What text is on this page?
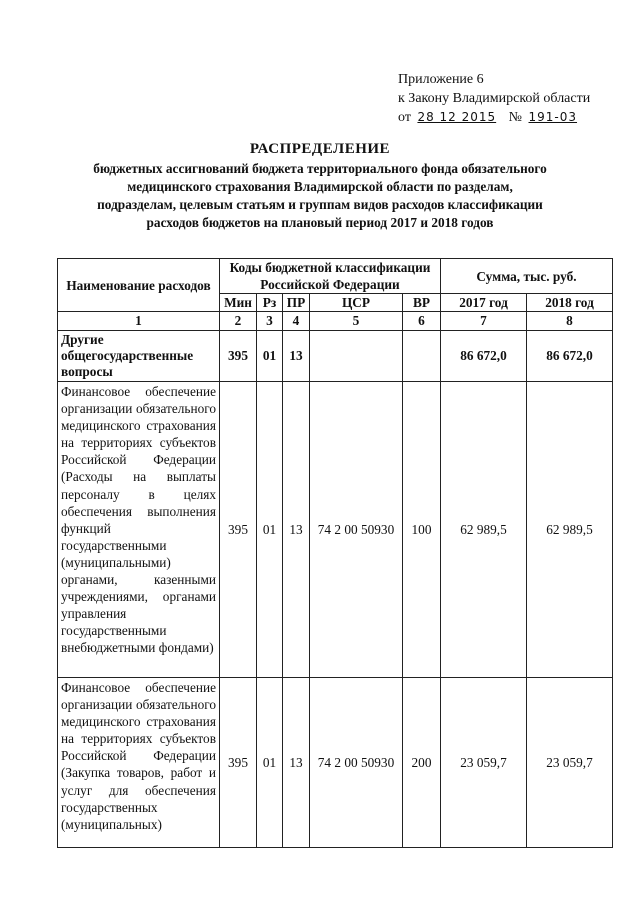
Приложение 6
к Закону Владимирской области
от 28 12 2015 № 191-03
РАСПРЕДЕЛЕНИЕ
бюджетных ассигнований бюджета территориального фонда обязательного
медицинского страхования Владимирской области по разделам,
подразделам, целевым статьям и группам видов расходов классификации
расходов бюджетов на плановый период 2017 и 2018 годов
Наименование расходов	Коды бюджетной классификации Российской Федерации					Сумма, тыс. руб.	
	Мин	Рз	ПР	ЦСР	ВР	2017 год	2018 год
1	2	3	4	5	6	7	8
Другие общегосударственные вопросы	395	01	13			86 672,0	86 672,0
Финансовое обеспечение организации обязательного медицинского страхования на территориях субъектов Российской Федерации (Расходы на выплаты персоналу в целях обеспечения выполнения функций государственными (муниципальными) органами, казенными учреждениями, органами управления государственными внебюджетными фондами)	395	01	13	74 2 00 50930	100	62 989,5	62 989,5
Финансовое обеспечение организации обязательного медицинского страхования на территориях субъектов Российской Федерации (Закупка товаров, работ и услуг для обеспечения государственных (муниципальных)	395	01	13	74 2 00 50930	200	23 059,7	23 059,7
